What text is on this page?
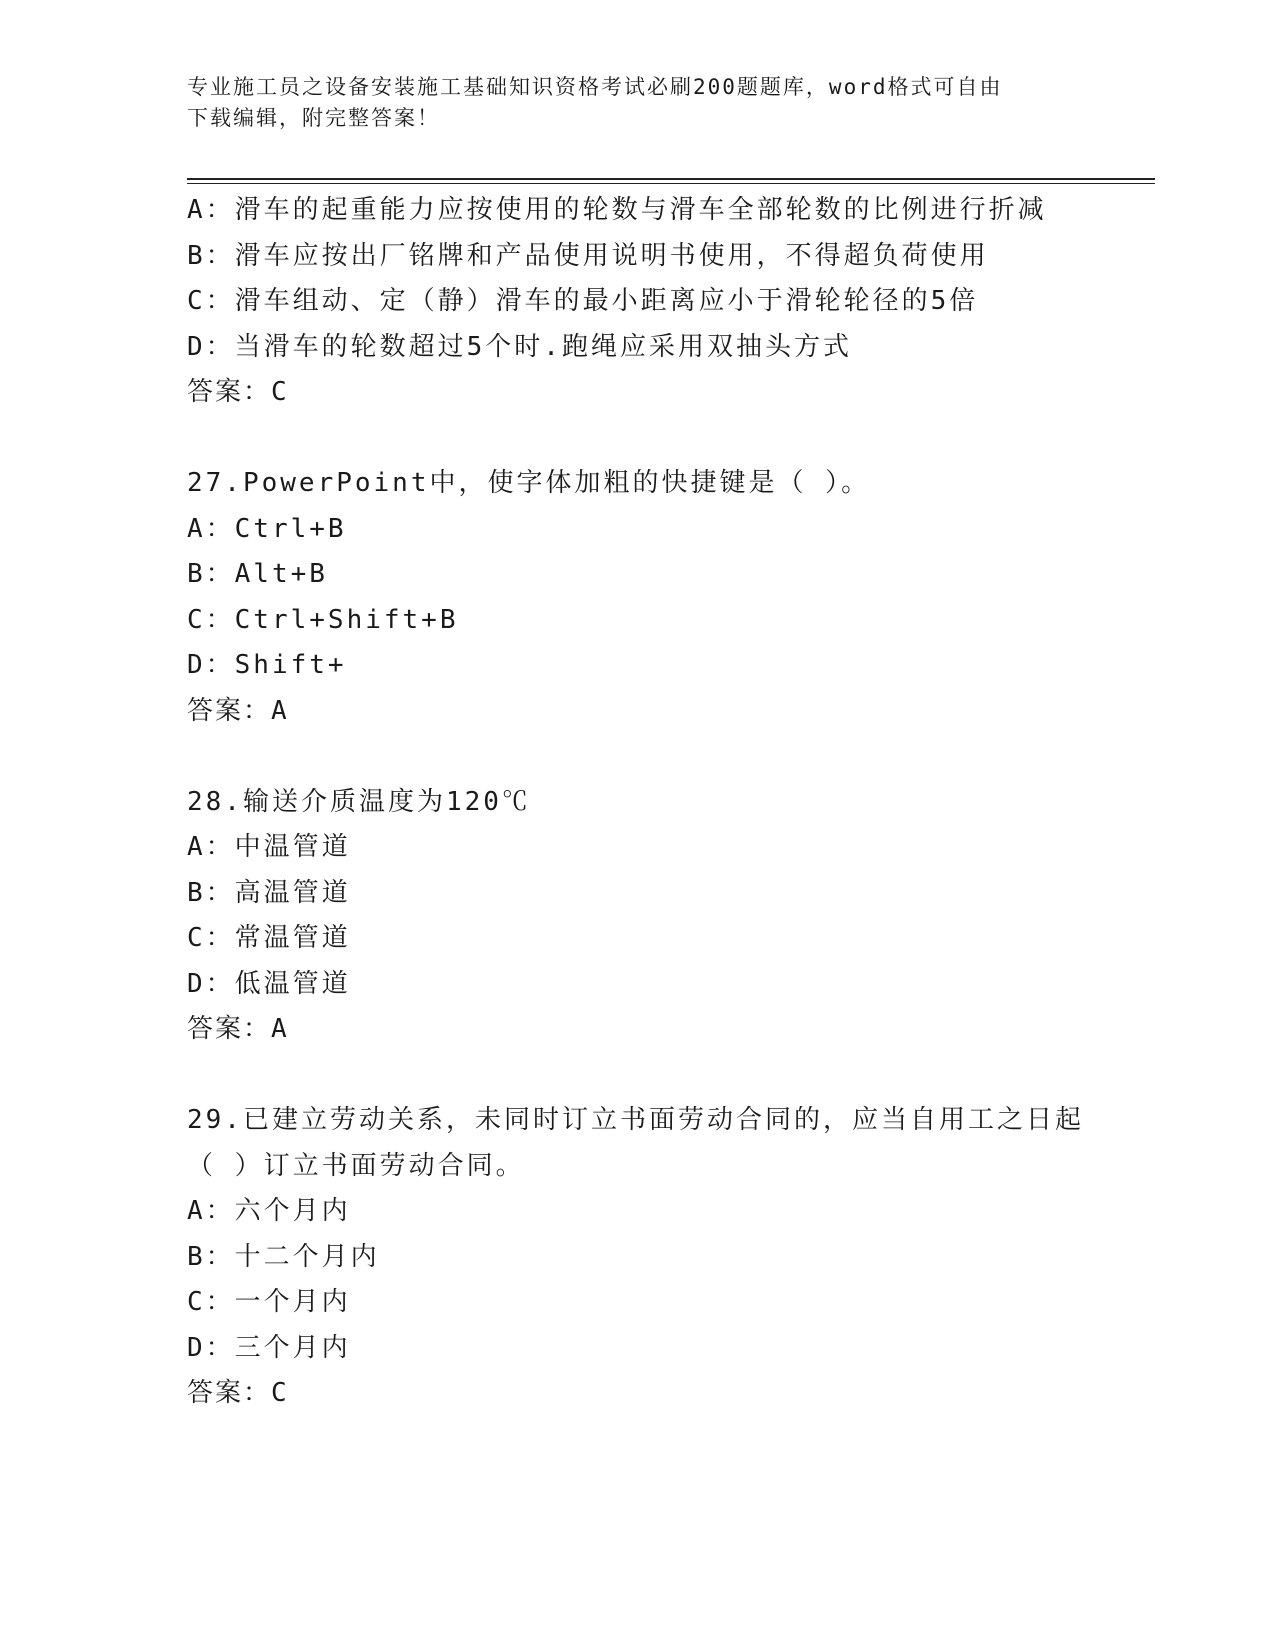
专业施工员之设备安装施工基础知识资格考试必刷200题题库，word格式可自由
下载编辑，附完整答案！
A：滑车的起重能力应按使用的轮数与滑车全部轮数的比例进行折减
B：滑车应按出厂铭牌和产品使用说明书使用，不得超负荷使用
C：滑车组动、定（静）滑车的最小距离应小于滑轮轮径的5倍
D：当滑车的轮数超过5个时.跑绳应采用双抽头方式
答案：C
27.PowerPoint中，使字体加粗的快捷键是（ ）。
A：Ctrl+B
B：Alt+B
C：Ctrl+Shift+B
D：Shift+
答案：A
28.输送介质温度为120℃
A：中温管道
B：高温管道
C：常温管道
D：低温管道
答案：A
29.已建立劳动关系，未同时订立书面劳动合同的，应当自用工之日起
（ ）订立书面劳动合同。
A：六个月内
B：十二个月内
C：一个月内
D：三个月内
答案：C
